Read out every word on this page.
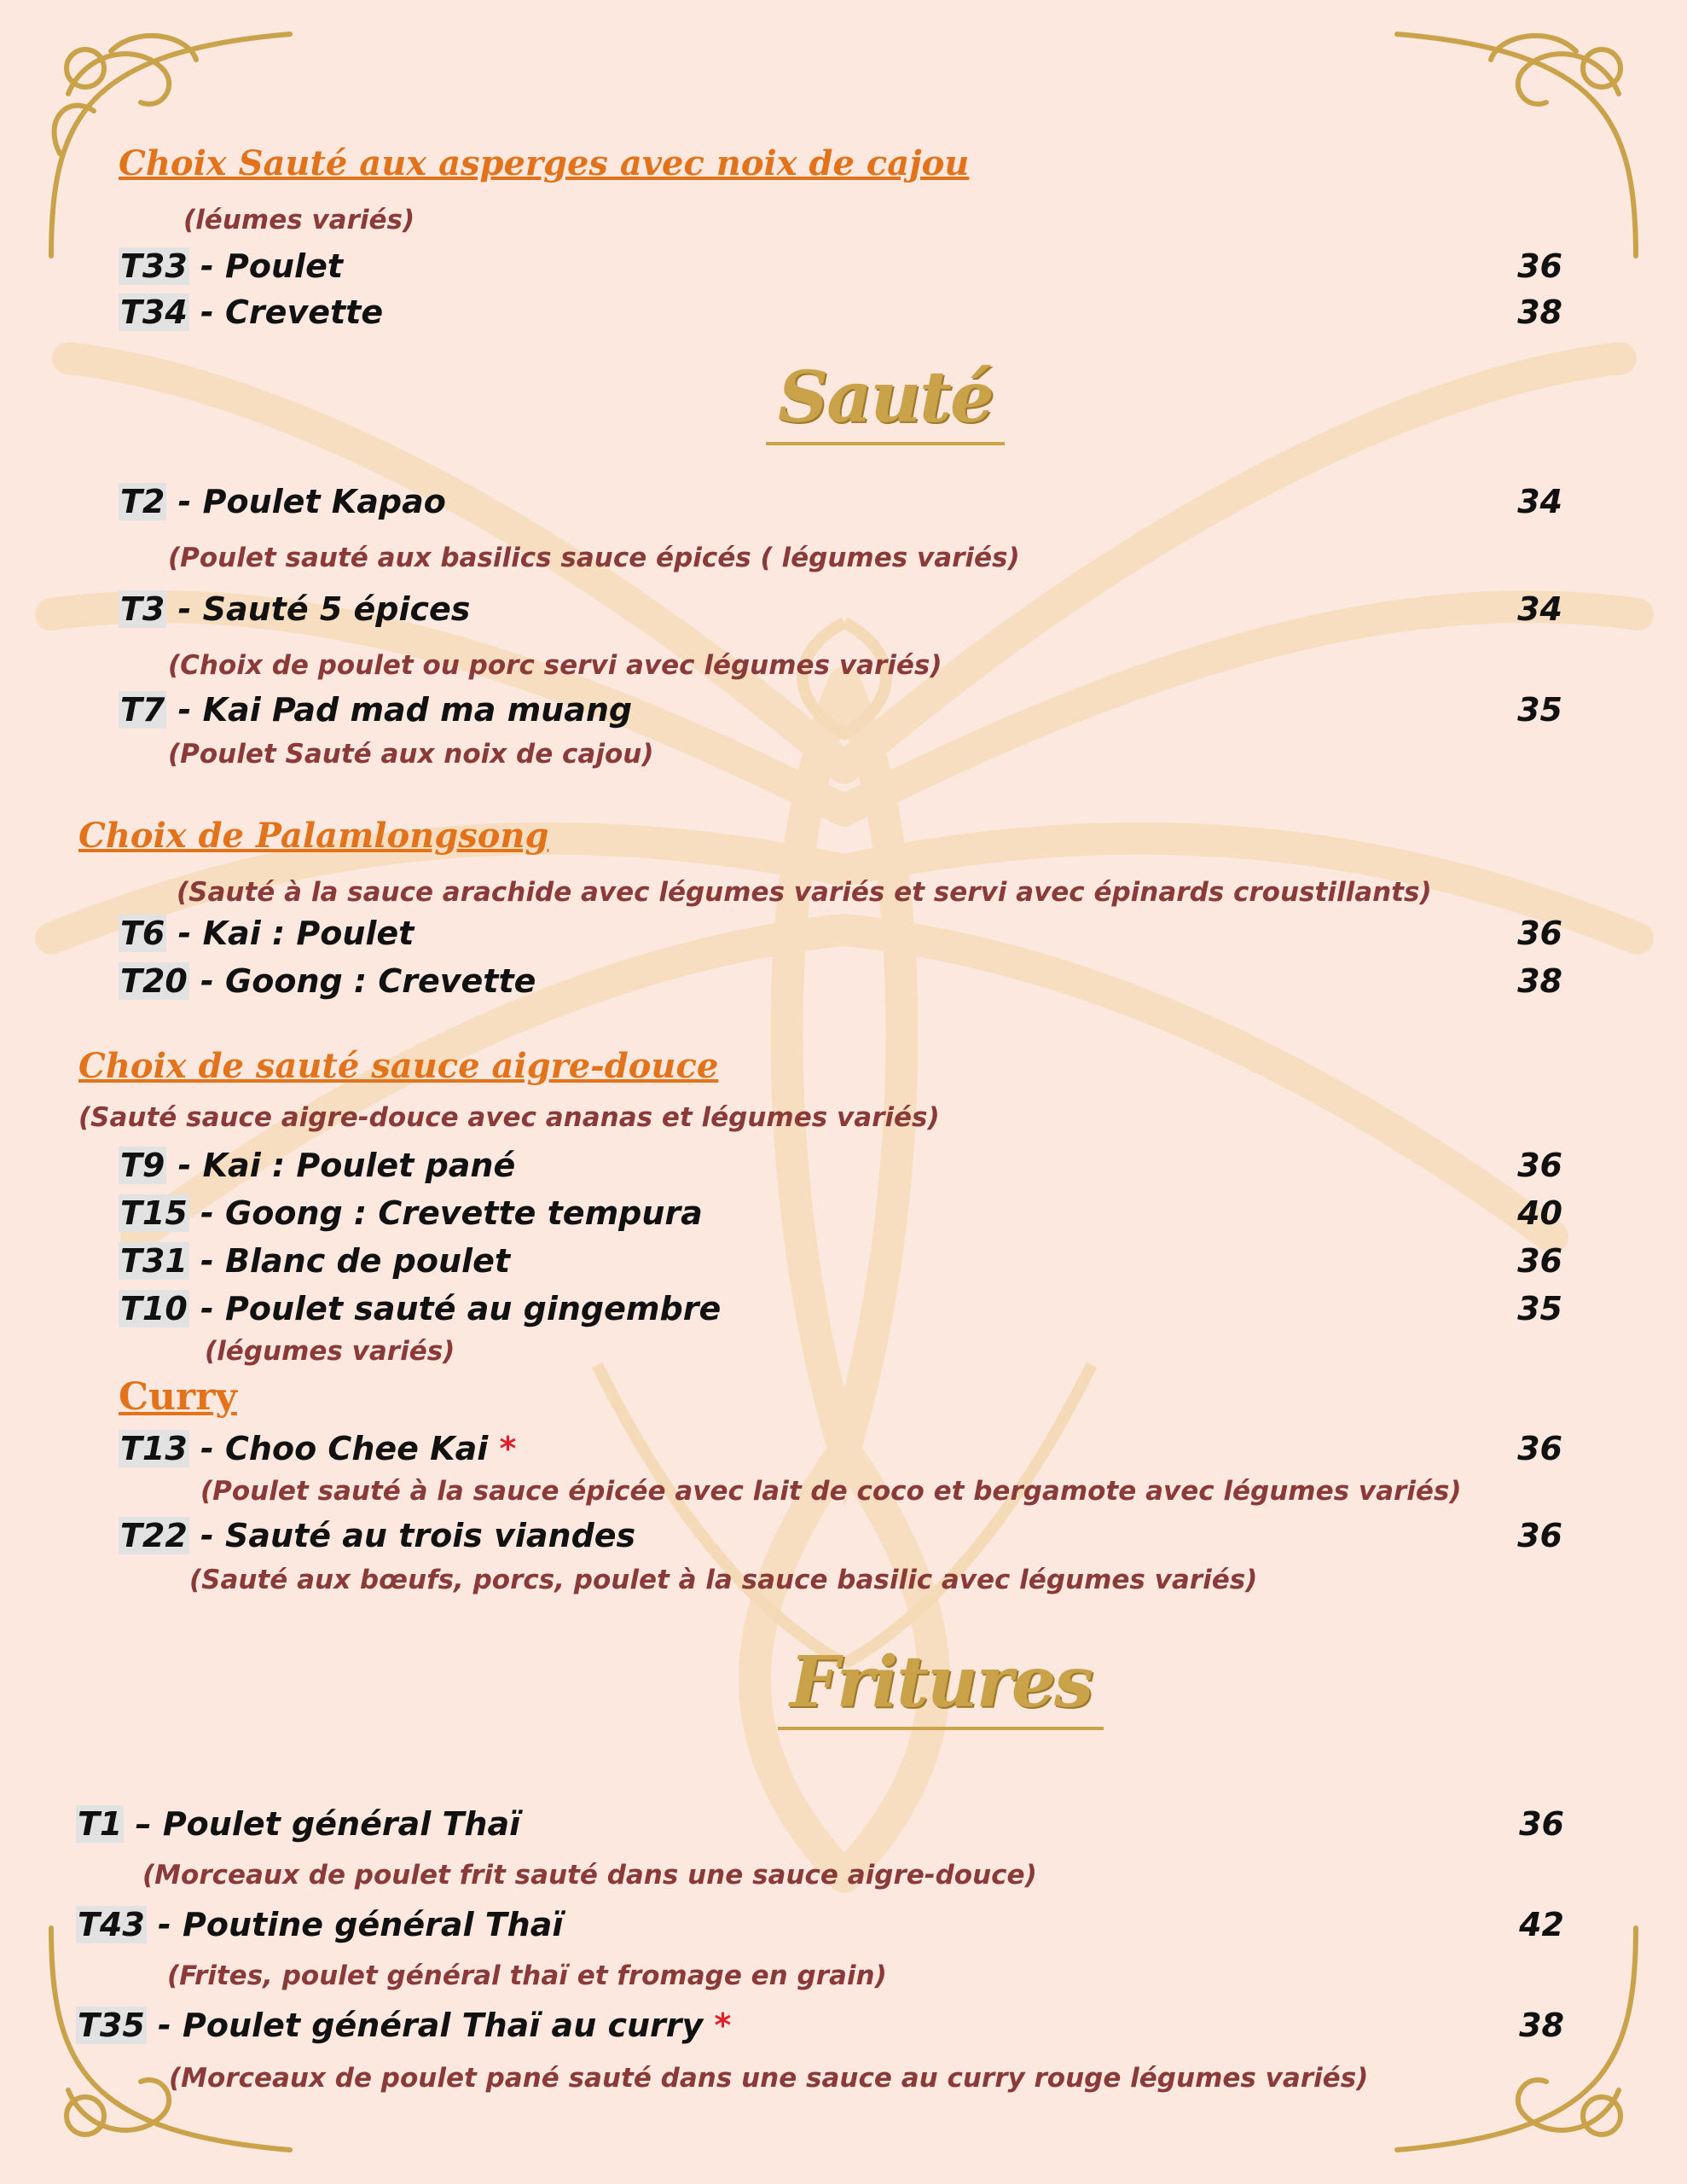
Choix Sauté aux asperges avec noix de cajou
(léumes variés)
T33 - Poulet	36
T34 - Crevette	38
Sauté
T2 - Poulet Kapao	34
(Poulet sauté aux basilics sauce épicés ( légumes variés)
T3 - Sauté 5 épices	34
(Choix de poulet ou porc servi avec légumes variés)
T7 - Kai Pad mad ma muang	35
(Poulet Sauté aux noix de cajou)
Choix de Palamlongsong
(Sauté à la sauce arachide avec légumes variés et servi avec épinards croustillants)
T6 - Kai : Poulet	36
T20 - Goong : Crevette	38
Choix de sauté sauce aigre-douce
(Sauté sauce aigre-douce avec ananas et légumes variés)
T9 - Kai : Poulet pané	36
T15 - Goong : Crevette tempura	40
T31 - Blanc de poulet	36
T10 - Poulet sauté au gingembre	35
(légumes variés)
Curry
T13 - Choo Chee Kai *	36
(Poulet sauté à la sauce épicée avec lait de coco et bergamote avec légumes variés)
T22 - Sauté au trois viandes	36
(Sauté aux bœufs, porcs, poulet à la sauce basilic avec légumes variés)
Fritures
T1 – Poulet général Thaï	36
(Morceaux de poulet frit sauté dans une sauce aigre-douce)
T43 - Poutine général Thaï	42
(Frites, poulet général thaï et fromage en grain)
T35 - Poulet général Thaï au curry *	38
(Morceaux de poulet pané sauté dans une sauce au curry rouge légumes variés)
